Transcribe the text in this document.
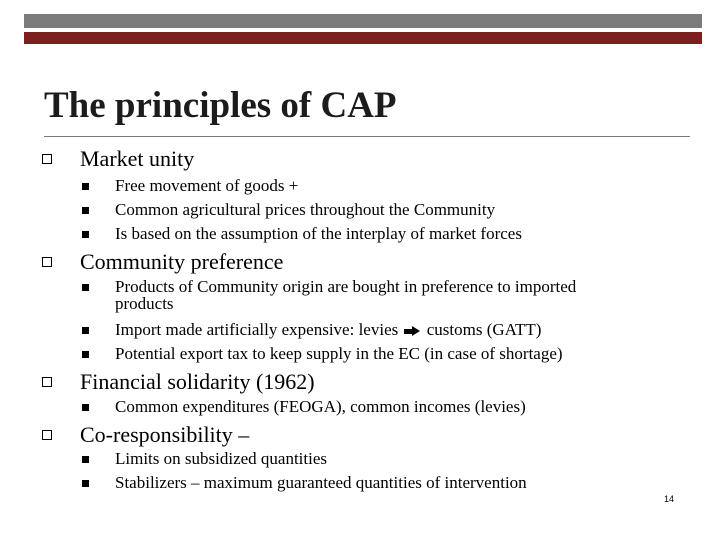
The principles of CAP
Market unity
Free movement of goods +
Common agricultural prices throughout the Community
Is based on the assumption of the interplay of market forces
Community preference
Products of Community origin are bought in preference to imported
products
Import made artificially expensive: levies customs (GATT)
Potential export tax to keep supply in the EC (in case of shortage)
Financial solidarity (1962)
Common expenditures (FEOGA), common incomes (levies)
Co-responsibility –
Limits on subsidized quantities
Stabilizers – maximum guaranteed quantities of intervention
14
